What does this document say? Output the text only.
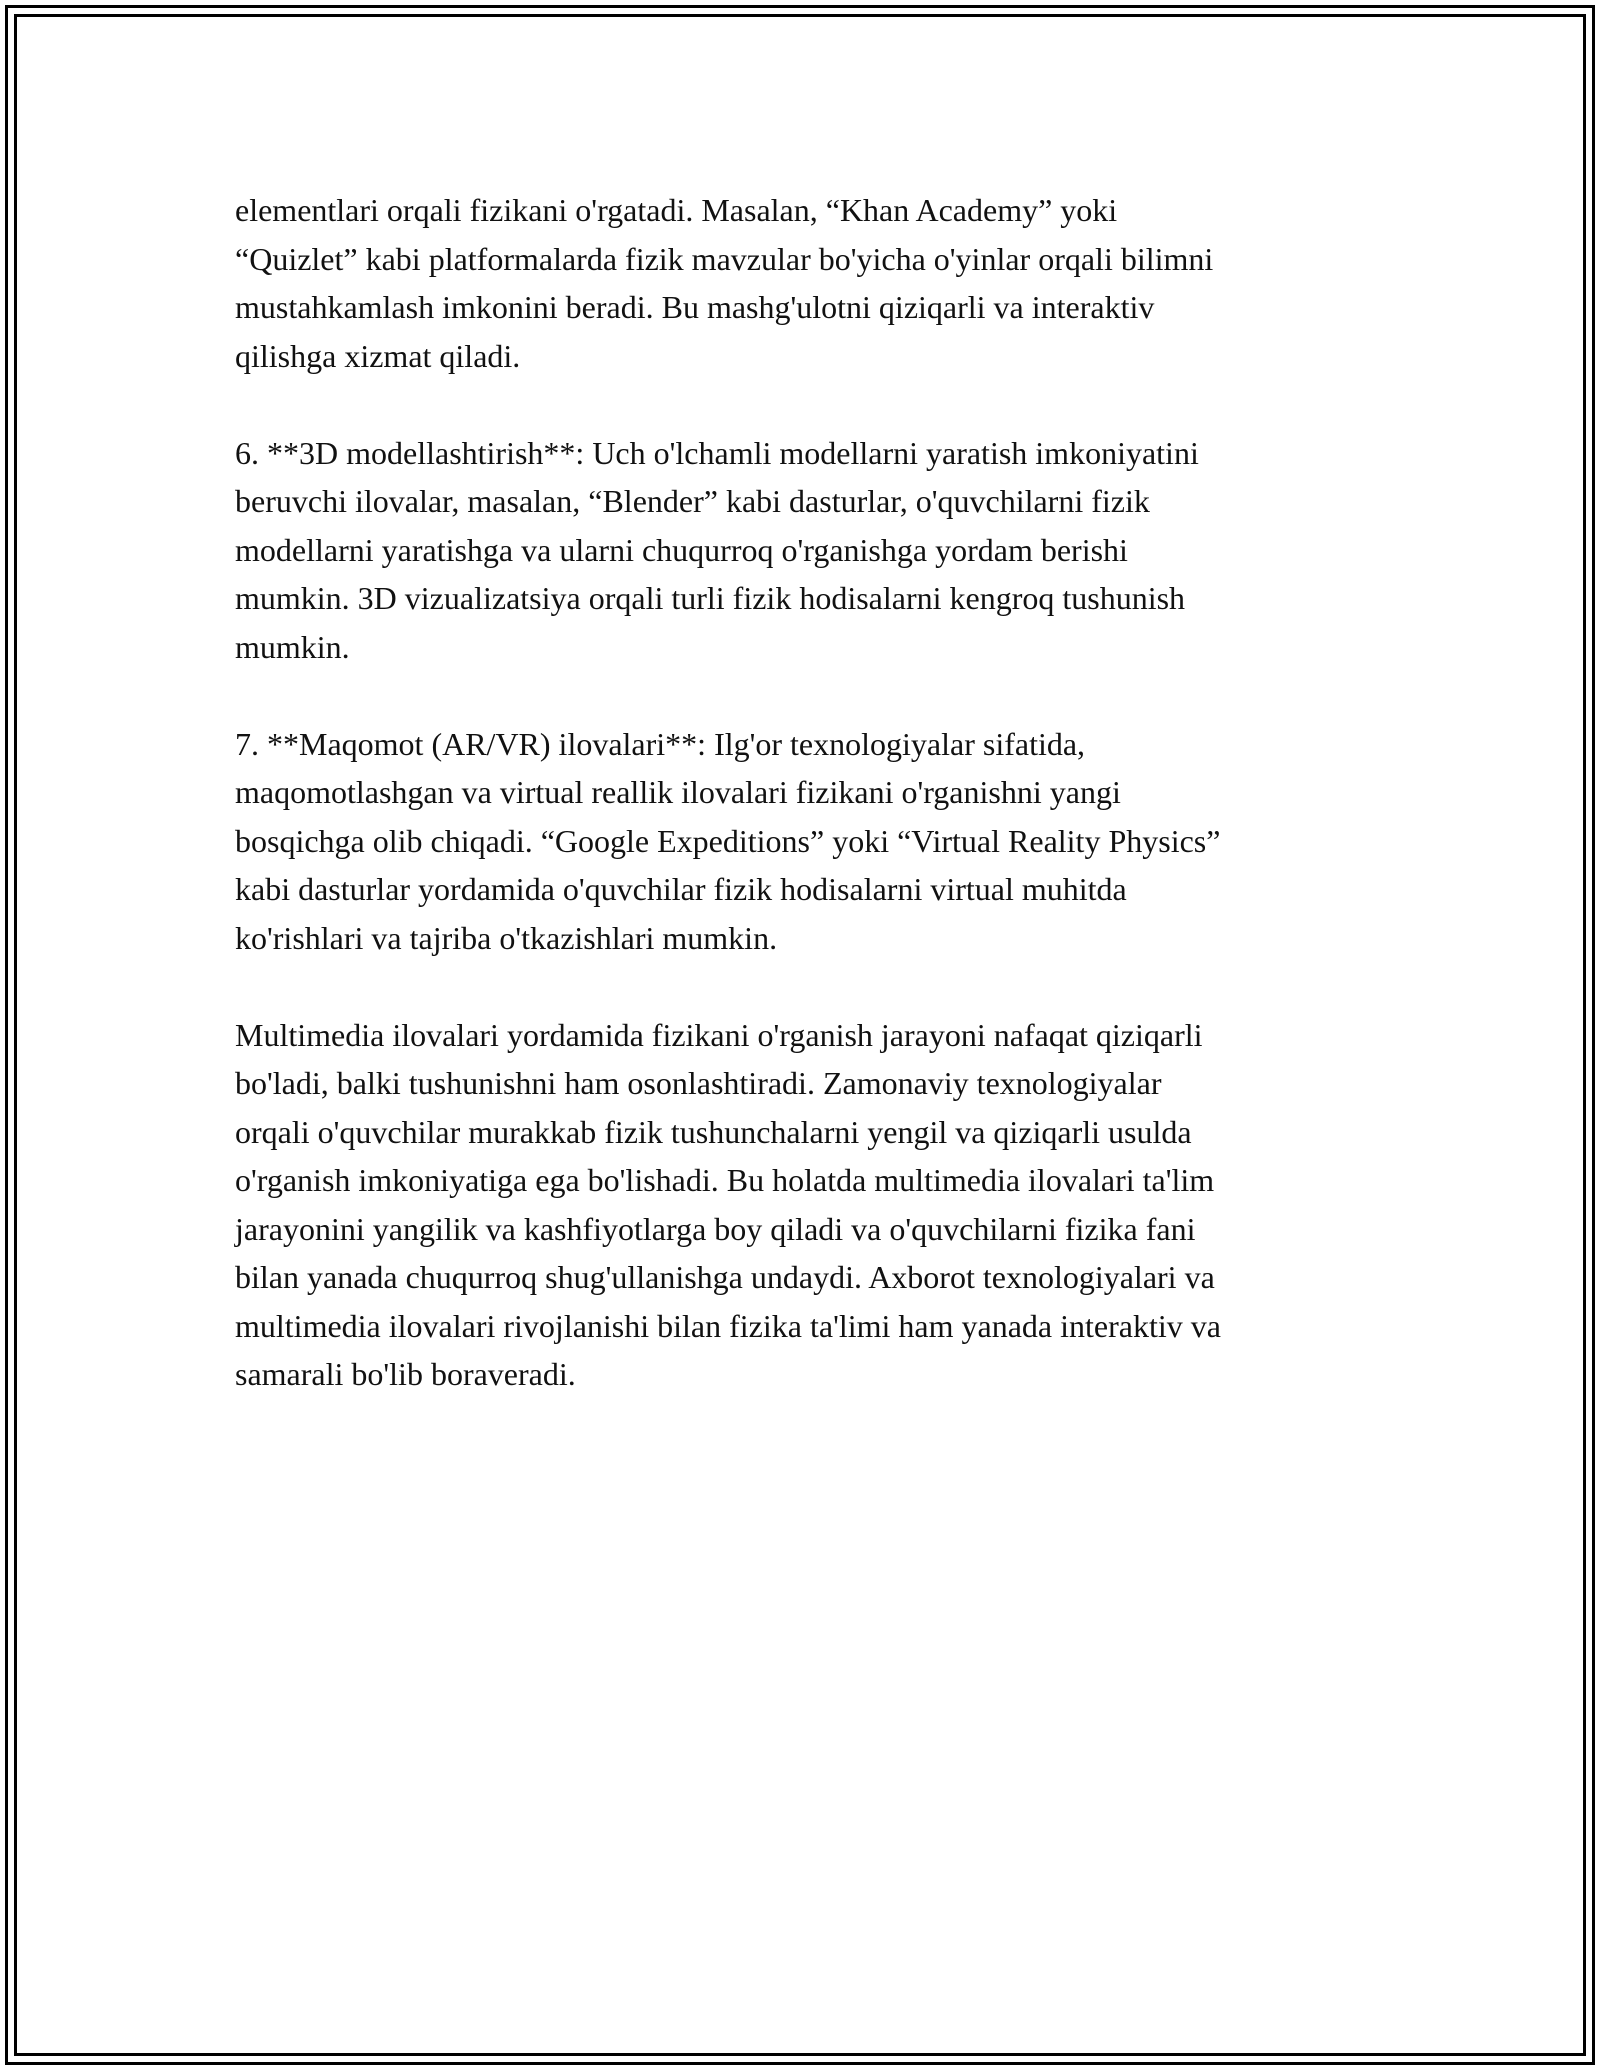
elementlari orqali fizikani o'rgatadi. Masalan, “Khan Academy” yoki
“Quizlet” kabi platformalarda fizik mavzular bo'yicha o'yinlar orqali bilimni
mustahkamlash imkonini beradi. Bu mashg'ulotni qiziqarli va interaktiv
qilishga xizmat qiladi.

6. **3D modellashtirish**: Uch o'lchamli modellarni yaratish imkoniyatini
beruvchi ilovalar, masalan, “Blender” kabi dasturlar, o'quvchilarni fizik
modellarni yaratishga va ularni chuqurroq o'rganishga yordam berishi
mumkin. 3D vizualizatsiya orqali turli fizik hodisalarni kengroq tushunish
mumkin.

7. **Maqomot (AR/VR) ilovalari**: Ilg'or texnologiyalar sifatida,
maqomotlashgan va virtual reallik ilovalari fizikani o'rganishni yangi
bosqichga olib chiqadi. “Google Expeditions” yoki “Virtual Reality Physics”
kabi dasturlar yordamida o'quvchilar fizik hodisalarni virtual muhitda
ko'rishlari va tajriba o'tkazishlari mumkin.

Multimedia ilovalari yordamida fizikani o'rganish jarayoni nafaqat qiziqarli
bo'ladi, balki tushunishni ham osonlashtiradi. Zamonaviy texnologiyalar
orqali o'quvchilar murakkab fizik tushunchalarni yengil va qiziqarli usulda
o'rganish imkoniyatiga ega bo'lishadi. Bu holatda multimedia ilovalari ta'lim
jarayonini yangilik va kashfiyotlarga boy qiladi va o'quvchilarni fizika fani
bilan yanada chuqurroq shug'ullanishga undaydi. Axborot texnologiyalari va
multimedia ilovalari rivojlanishi bilan fizika ta'limi ham yanada interaktiv va
samarali bo'lib boraveradi.
